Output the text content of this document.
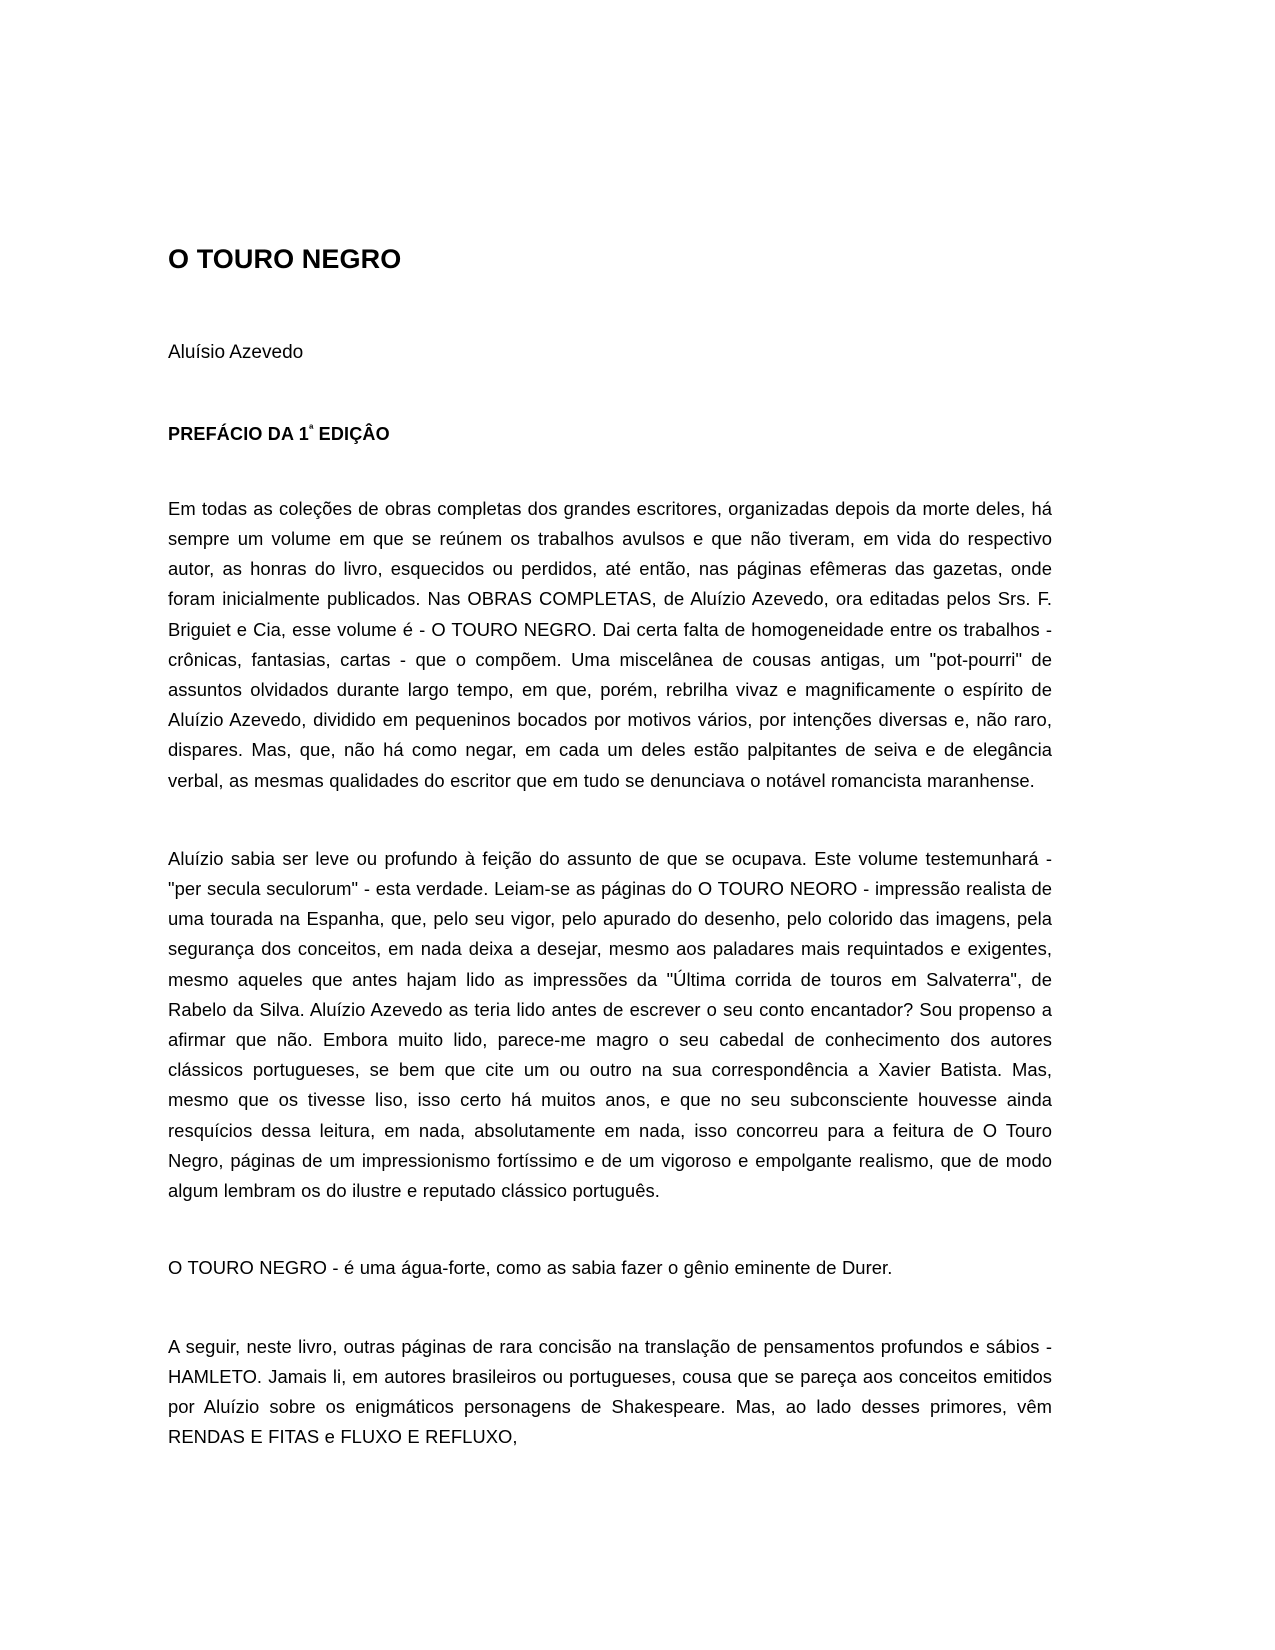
O TOURO NEGRO

Aluísio Azevedo

PREFÁCIO DA $1^ª$ EDIÇÂO

Em todas as coleções de obras completas dos grandes escritores, organizadas depois da morte deles, há sempre um volume em que se reúnem os trabalhos avulsos e que não tiveram, em vida do respectivo autor, as honras do livro, esquecidos ou perdidos, até então, nas páginas efêmeras das gazetas, onde foram inicialmente publicados. Nas OBRAS COMPLETAS, de Aluízio Azevedo, ora editadas pelos Srs. F. Briguiet e Cia, esse volume é - O TOURO NEGRO. Dai certa falta de homogeneidade entre os trabalhos - crônicas, fantasias, cartas - que o compõem. Uma miscelânea de cousas antigas, um "pot-pourri" de assuntos olvidados durante largo tempo, em que, porém, rebrilha vivaz e magnificamente o espírito de Aluízio Azevedo, dividido em pequeninos bocados por motivos vários, por intenções diversas e, não raro, dispares. Mas, que, não há como negar, em cada um deles estão palpitantes de seiva e de elegância verbal, as mesmas qualidades do escritor que em tudo se denunciava o notável romancista maranhense.

Aluízio sabia ser leve ou profundo à feição do assunto de que se ocupava. Este volume testemunhará - "per secula seculorum" - esta verdade. Leiam-se as páginas do O TOURO NEORO - impressão realista de uma tourada na Espanha, que, pelo seu vigor, pelo apurado do desenho, pelo colorido das imagens, pela segurança dos conceitos, em nada deixa a desejar, mesmo aos paladares mais requintados e exigentes, mesmo aqueles que antes hajam lido as impressões da "Última corrida de touros em Salvaterra", de Rabelo da Silva. Aluízio Azevedo as teria lido antes de escrever o seu conto encantador? Sou propenso a afirmar que não. Embora muito lido, parece-me magro o seu cabedal de conhecimento dos autores clássicos portugueses, se bem que cite um ou outro na sua correspondência a Xavier Batista. Mas, mesmo que os tivesse liso, isso certo há muitos anos, e que no seu subconsciente houvesse ainda resquícios dessa leitura, em nada, absolutamente em nada, isso concorreu para a feitura de O Touro Negro, páginas de um impressionismo fortíssimo e de um vigoroso e empolgante realismo, que de modo algum lembram os do ilustre e reputado clássico português.

O TOURO NEGRO - é uma água-forte, como as sabia fazer o gênio eminente de Durer.

A seguir, neste livro, outras páginas de rara concisão na translação de pensamentos profundos e sábios - HAMLETO. Jamais li, em autores brasileiros ou portugueses, cousa que se pareça aos conceitos emitidos por Aluízio sobre os enigmáticos personagens de Shakespeare. Mas, ao lado desses primores, vêm RENDAS E FITAS e FLUXO E REFLUXO,
